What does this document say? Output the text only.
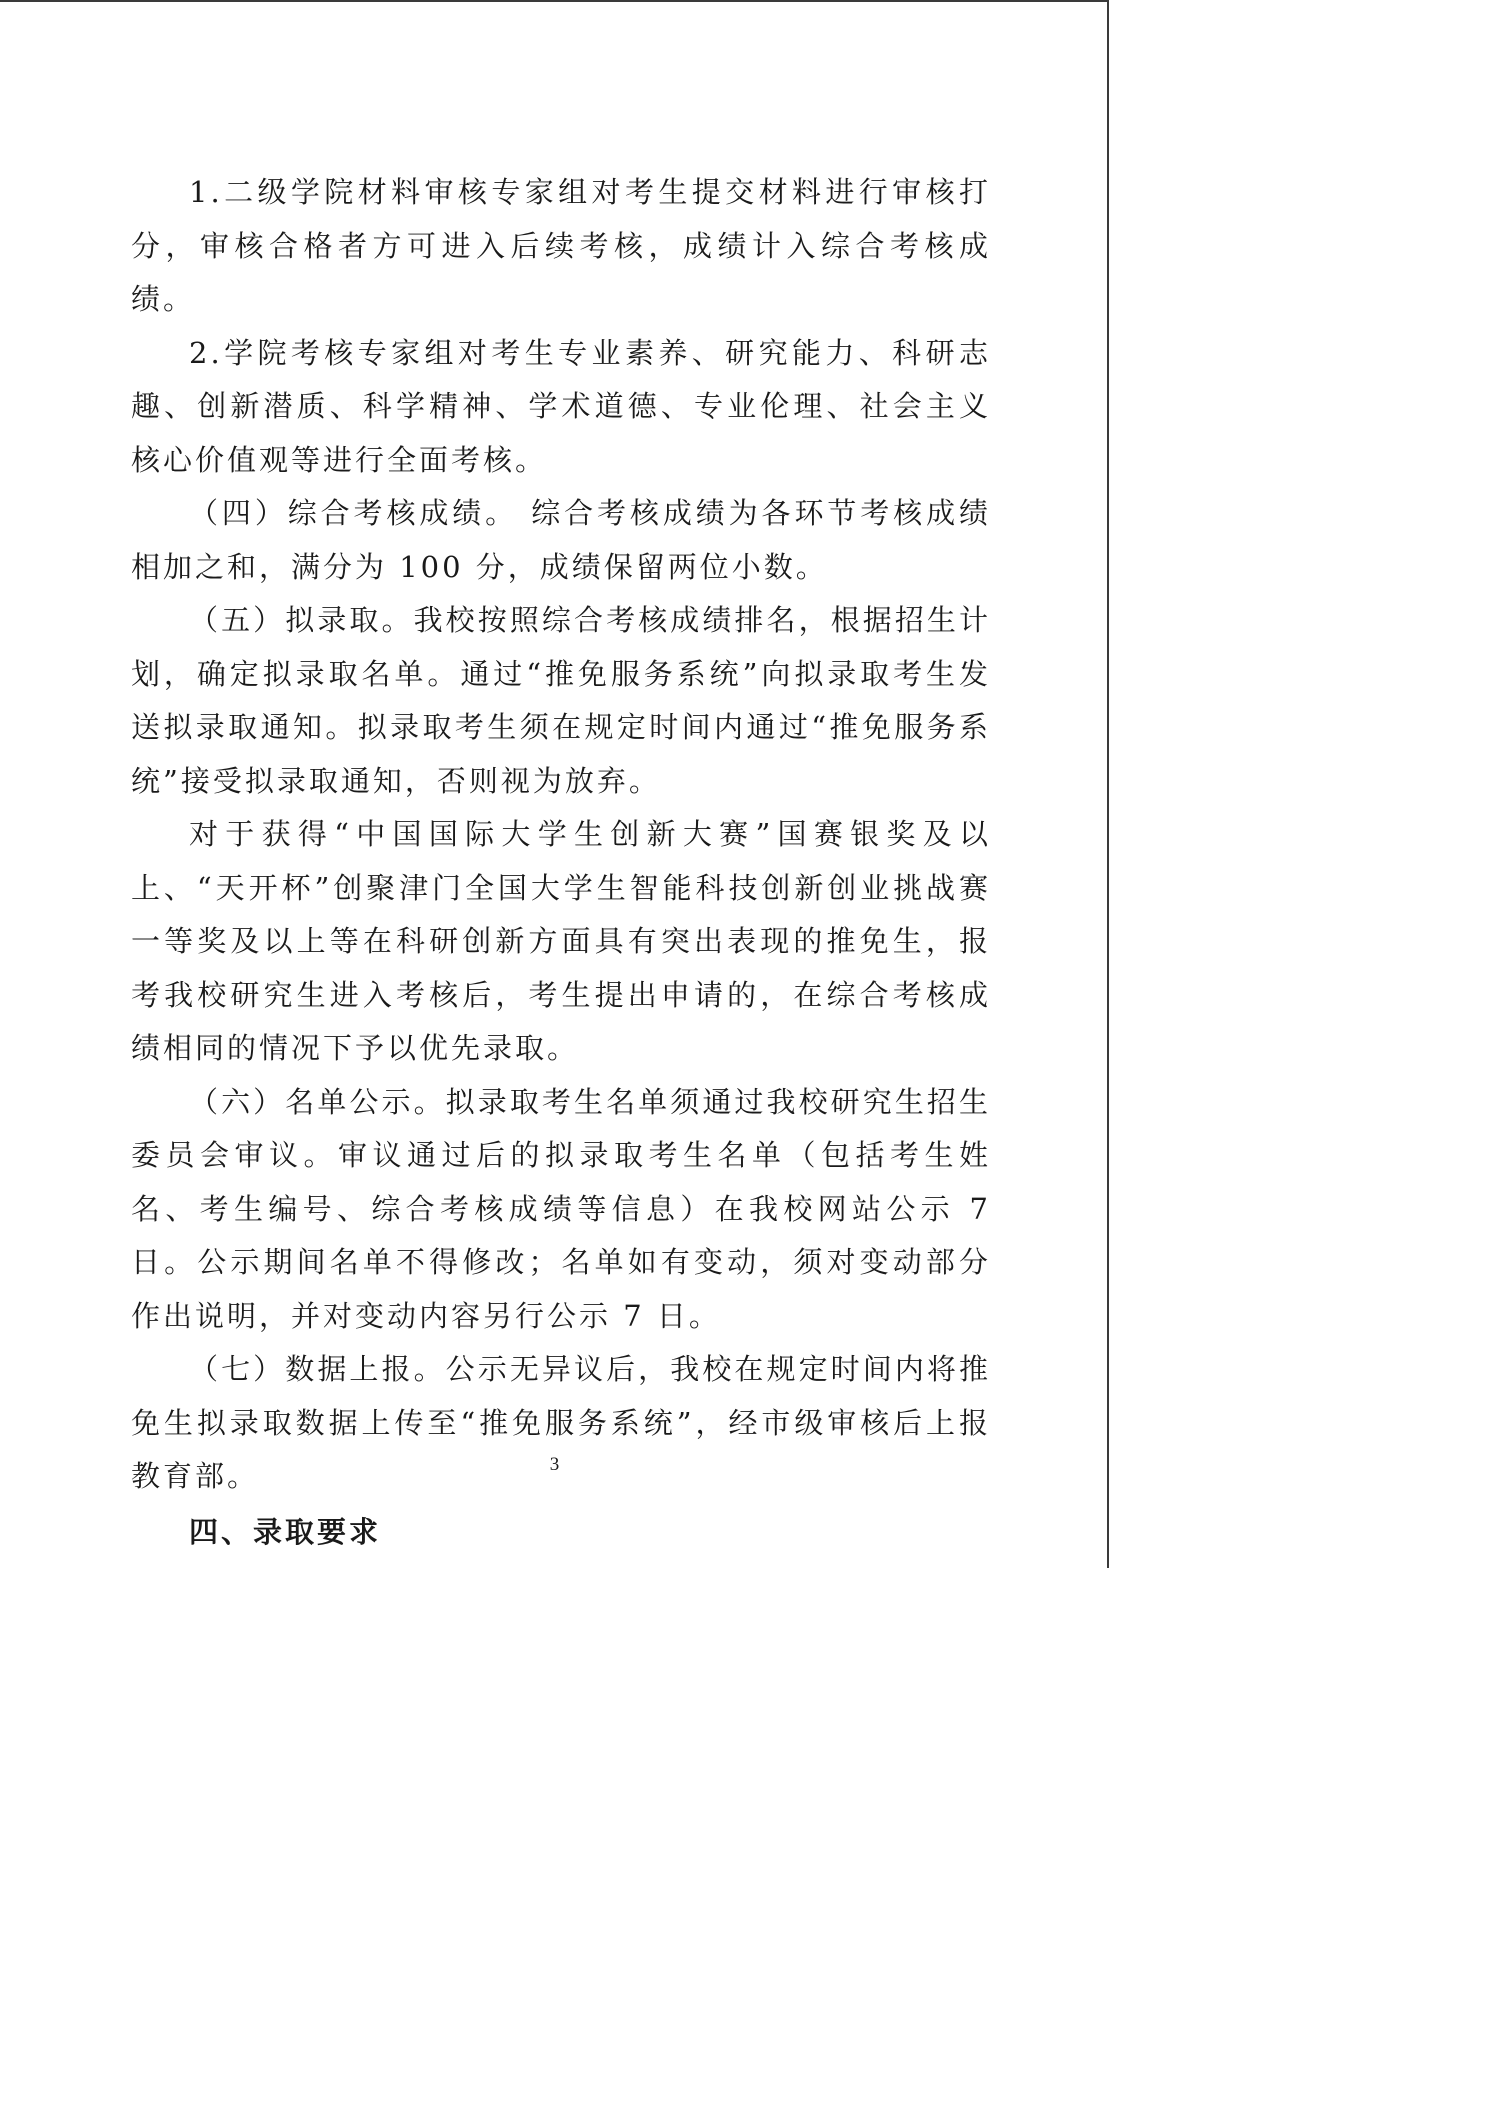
1.二级学院材料审核专家组对考生提交材料进行审核打分，审核合格者方可进入后续考核，成绩计入综合考核成绩。

2.学院考核专家组对考生专业素养、研究能力、科研志趣、创新潜质、科学精神、学术道德、专业伦理、社会主义核心价值观等进行全面考核。

（四）综合考核成绩。 综合考核成绩为各环节考核成绩相加之和，满分为 100 分，成绩保留两位小数。

（五）拟录取。我校按照综合考核成绩排名，根据招生计划，确定拟录取名单。通过“推免服务系统”向拟录取考生发送拟录取通知。拟录取考生须在规定时间内通过“推免服务系统”接受拟录取通知，否则视为放弃。

对于获得“中国国际大学生创新大赛”国赛银奖及以上、“天开杯”创聚津门全国大学生智能科技创新创业挑战赛一等奖及以上等在科研创新方面具有突出表现的推免生，报考我校研究生进入考核后，考生提出申请的，在综合考核成绩相同的情况下予以优先录取。

（六）名单公示。拟录取考生名单须通过我校研究生招生委员会审议。审议通过后的拟录取考生名单（包括考生姓名、考生编号、综合考核成绩等信息）在我校网站公示 7 日。公示期间名单不得修改；名单如有变动，须对变动部分作出说明，并对变动内容另行公示 7 日。

（七）数据上报。公示无异议后，我校在规定时间内将推免生拟录取数据上传至“推免服务系统”，经市级审核后上报教育部。

四、录取要求
3
